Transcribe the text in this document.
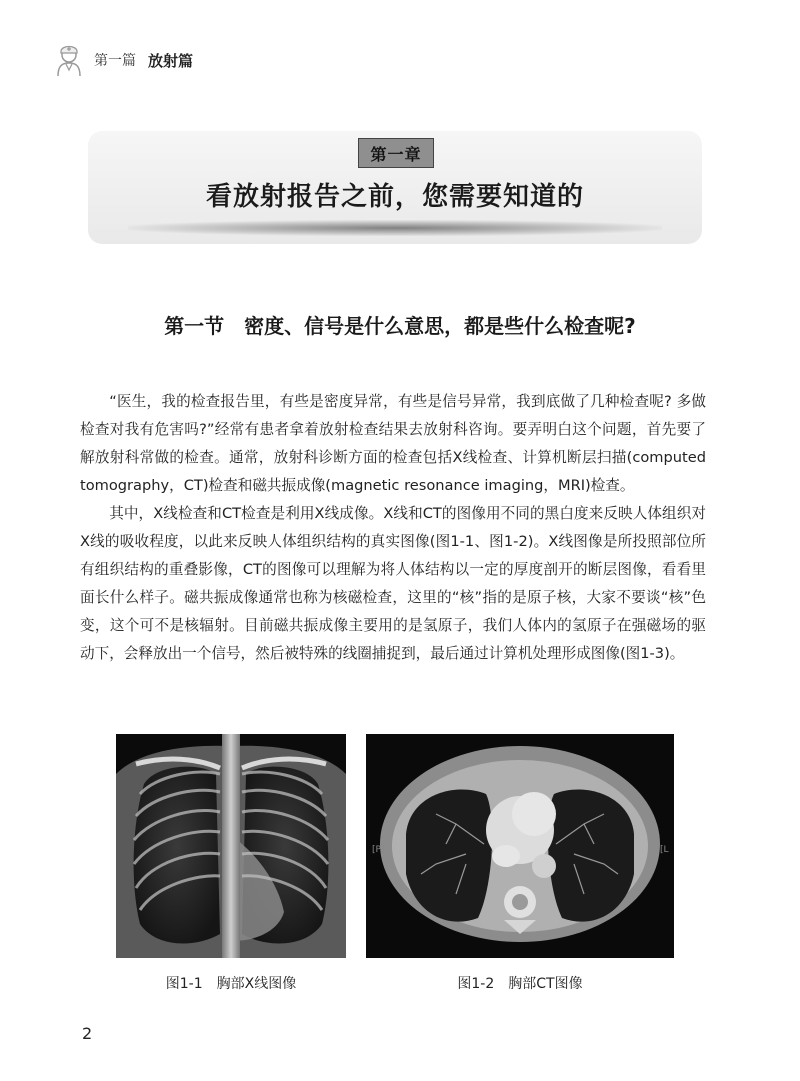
第一篇 放射篇
第一章
看放射报告之前，您需要知道的
第一节　密度、信号是什么意思，都是些什么检查呢?

“医生，我的检查报告里，有些是密度异常，有些是信号异常，我到底做了几种检查呢? 多做检查对我有危害吗?”经常有患者拿着放射检查结果去放射科咨询。要弄明白这个问题，首先要了解放射科常做的检查。通常，放射科诊断方面的检查包括X线检查、计算机断层扫描(computed tomography，CT)检查和磁共振成像(magnetic resonance imaging，MRI)检查。

其中，X线检查和CT检查是利用X线成像。X线和CT的图像用不同的黑白度来反映人体组织对X线的吸收程度，以此来反映人体组织结构的真实图像(图1-1、图1-2)。X线图像是所投照部位所有组织结构的重叠影像，CT的图像可以理解为将人体结构以一定的厚度剖开的断层图像，看看里面长什么样子。磁共振成像通常也称为核磁检查，这里的“核”指的是原子核，大家不要谈“核”色变，这个可不是核辐射。目前磁共振成像主要用的是氢原子，我们人体内的氢原子在强磁场的驱动下，会释放出一个信号，然后被特殊的线圈捕捉到，最后通过计算机处理形成图像(图1-3)。

[P]	[L
图1-1　胸部X线图像	图1-2　胸部CT图像
2
